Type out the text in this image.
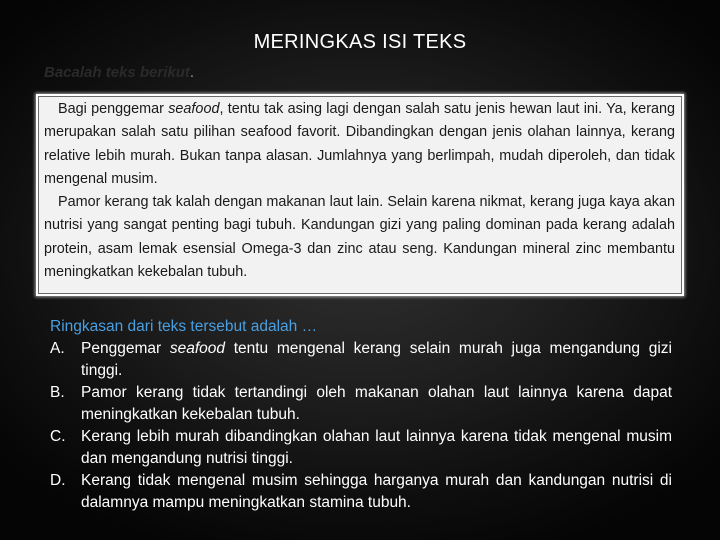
MERINGKAS ISI TEKS

Bacalah teks berikut.

Bagi penggemar seafood, tentu tak asing lagi dengan salah satu jenis hewan laut ini. Ya, kerang merupakan salah satu pilihan seafood favorit. Dibandingkan dengan jenis olahan lainnya, kerang relative lebih murah. Bukan tanpa alasan. Jumlahnya yang berlimpah, mudah diperoleh, dan tidak mengenal musim.

Pamor kerang tak kalah dengan makanan laut lain. Selain karena nikmat, kerang juga kaya akan nutrisi yang sangat penting bagi tubuh. Kandungan gizi yang paling dominan pada kerang adalah protein, asam lemak esensial Omega-3 dan zinc atau seng. Kandungan mineral zinc membantu meningkatkan kekebalan tubuh.

Ringkasan dari teks tersebut adalah …

A.	Penggemar seafood tentu mengenal kerang selain murah juga mengandung gizi tinggi.
B.	Pamor kerang tidak tertandingi oleh makanan olahan laut lainnya karena dapat meningkatkan kekebalan tubuh.
C.	Kerang lebih murah dibandingkan olahan laut lainnya karena tidak mengenal musim dan mengandung nutrisi tinggi.
D.	Kerang tidak mengenal musim sehingga harganya murah dan kandungan nutrisi di dalamnya mampu meningkatkan stamina tubuh.
